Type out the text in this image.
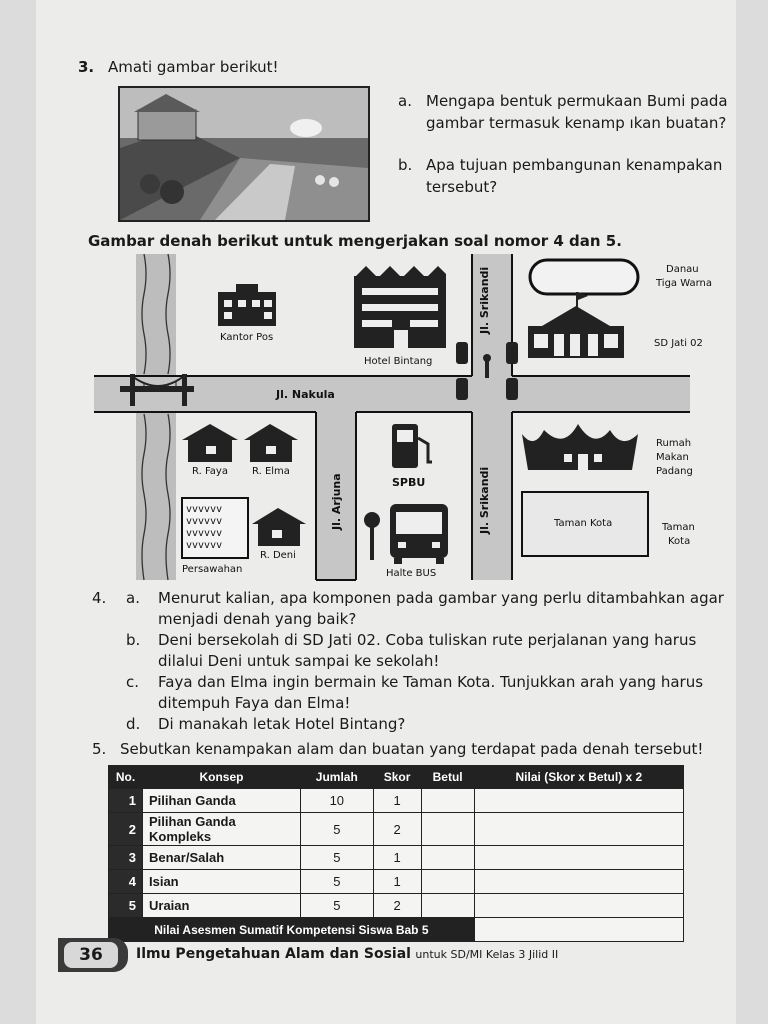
3. Amati gambar berikut!
a. Mengapa bentuk permukaan Bumi pada gambar termasuk kenamp ıkan buatan?
b. Apa tujuan pembangunan kenampakan tersebut?
Gambar denah berikut untuk mengerjakan soal nomor 4 dan 5.
Kantor Pos
Hotel Bintang
Jl. Srikandi	Danau
Tiga Warna
SD Jati 02
Jl. Nakula
R. Faya R. Elma
Jl. Arjuna	SPBU	Jl. Srikandi
Rumah
Makan
Padang
Taman Kota	Taman
Kota
vvvvvv
vvvvvv
vvvvvv
vvvvvv
Persawahan
R. Deni
Halte BUS
4. a. Menurut kalian, apa komponen pada gambar yang perlu ditambahkan agar menjadi denah yang baik?
b. Deni bersekolah di SD Jati 02. Coba tuliskan rute perjalanan yang harus dilalui Deni untuk sampai ke sekolah!
c. Faya dan Elma ingin bermain ke Taman Kota. Tunjukkan arah yang harus ditempuh Faya dan Elma!
d. Di manakah letak Hotel Bintang?
5. Sebutkan kenampakan alam dan buatan yang terdapat pada denah tersebut!
No.	Konsep	Jumlah	Skor	Betul	Nilai (Skor x Betul) x 2
1	Pilihan Ganda	10	1		
2	Pilihan Ganda Kompleks	5	2		
3	Benar/Salah	5	1		
4	Isian	5	1		
5	Uraian	5	2		
Nilai Asesmen Sumatif Kompetensi Siswa Bab 5					
36	Ilmu Pengetahuan Alam dan Sosial untuk SD/MI Kelas 3 Jilid II
